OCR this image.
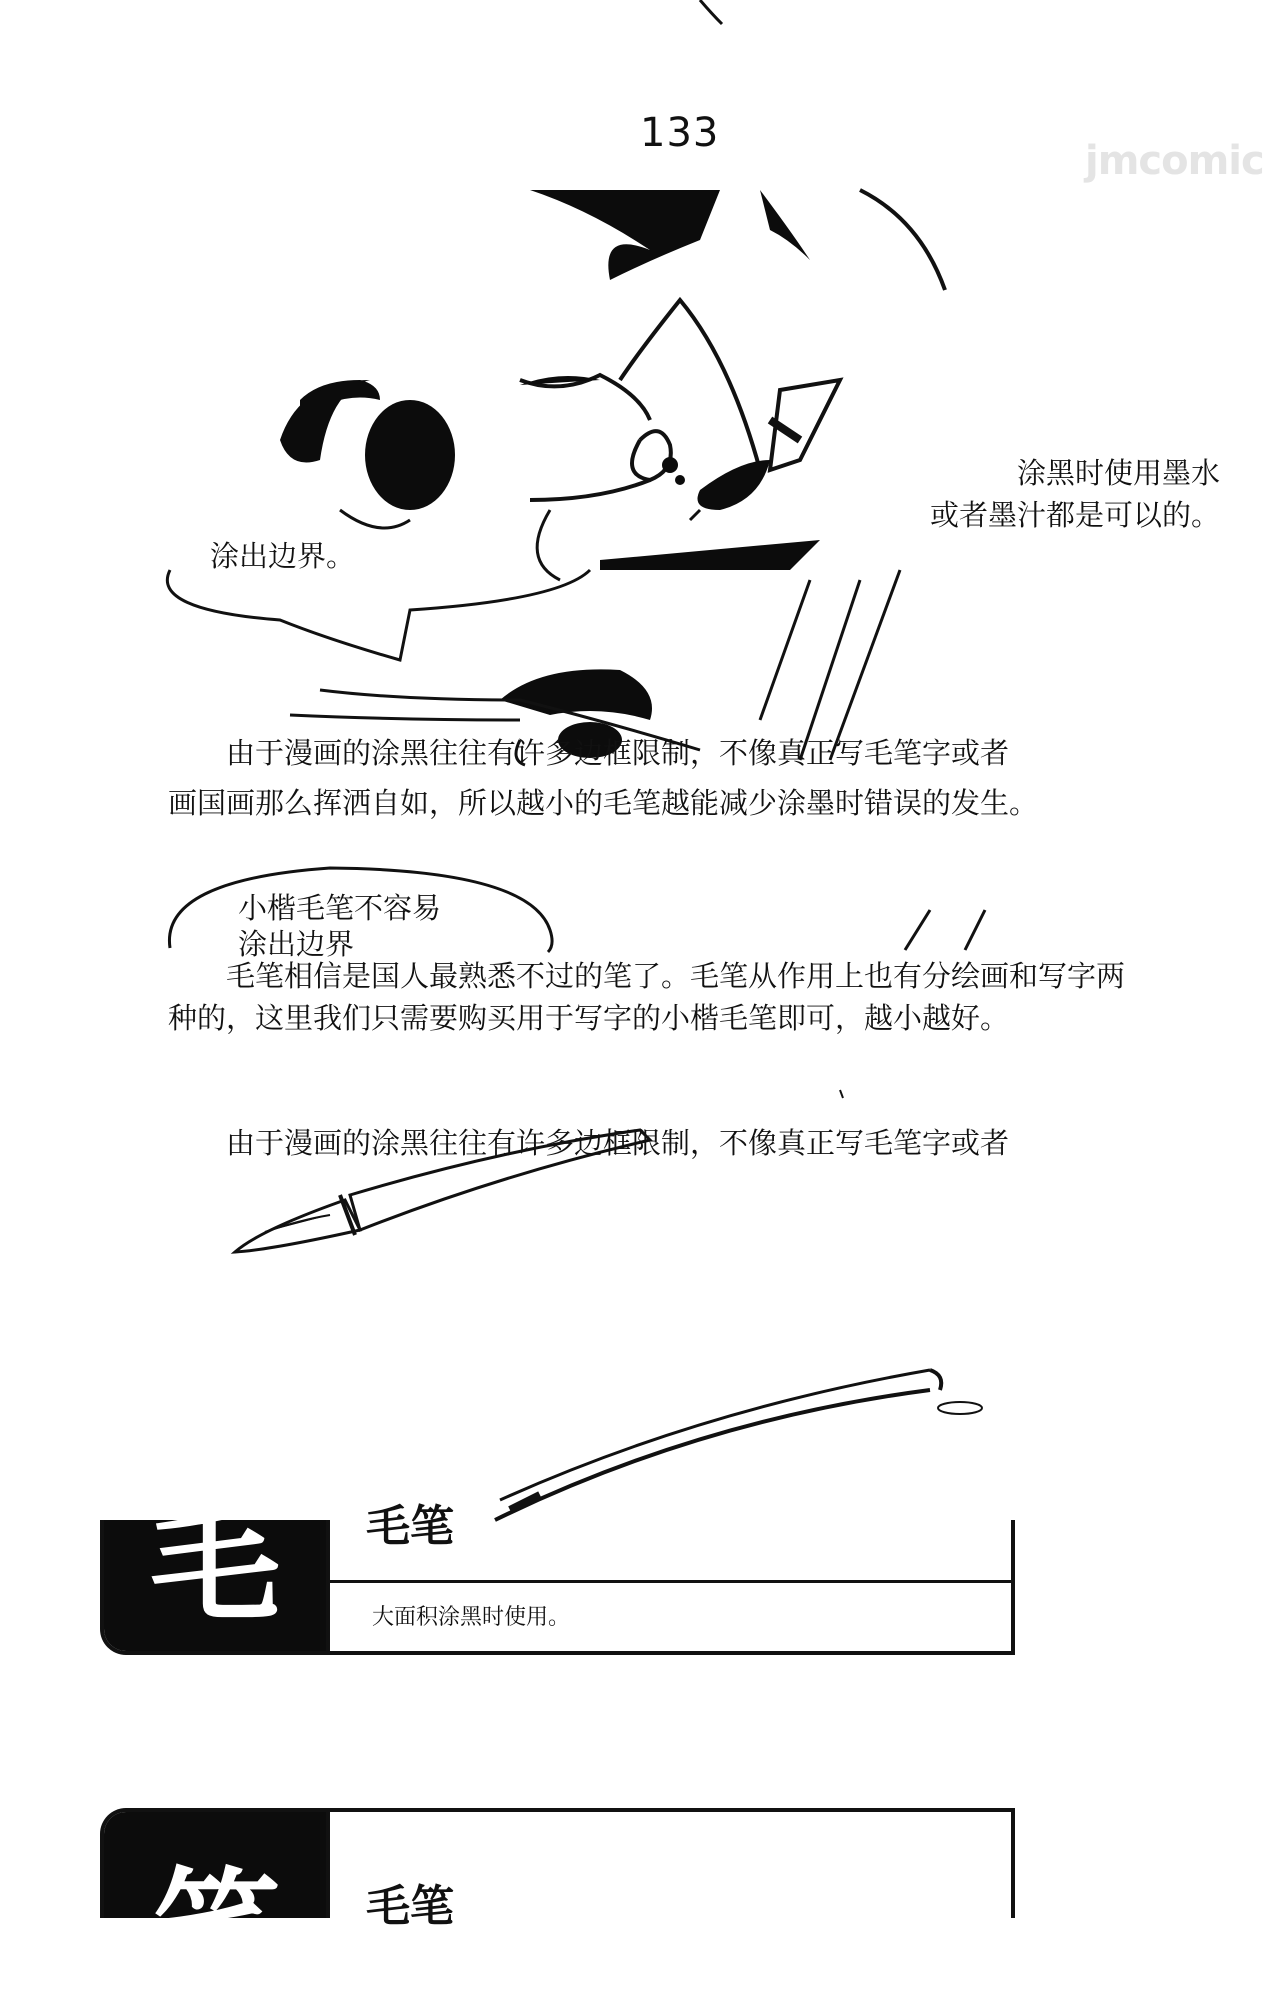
133
jmcomic
涂黑时使用墨水
或者墨汁都是可以的。
涂出边界。

由于漫画的涂黑往往有许多边框限制，不像真正写毛笔字或者

画国画那么挥洒自如，所以越小的毛笔越能减少涂墨时错误的发生。

小楷毛笔不容易
涂出边界

毛笔相信是国人最熟悉不过的笔了。毛笔从作用上也有分绘画和写字两种的，这里我们只需要购买用于写字的小楷毛笔即可，越小越好。

由于漫画的涂黑往往有许多边框限制，不像真正写毛笔字或者

毛 毛笔
大面积涂黑时使用。
笔 毛笔
